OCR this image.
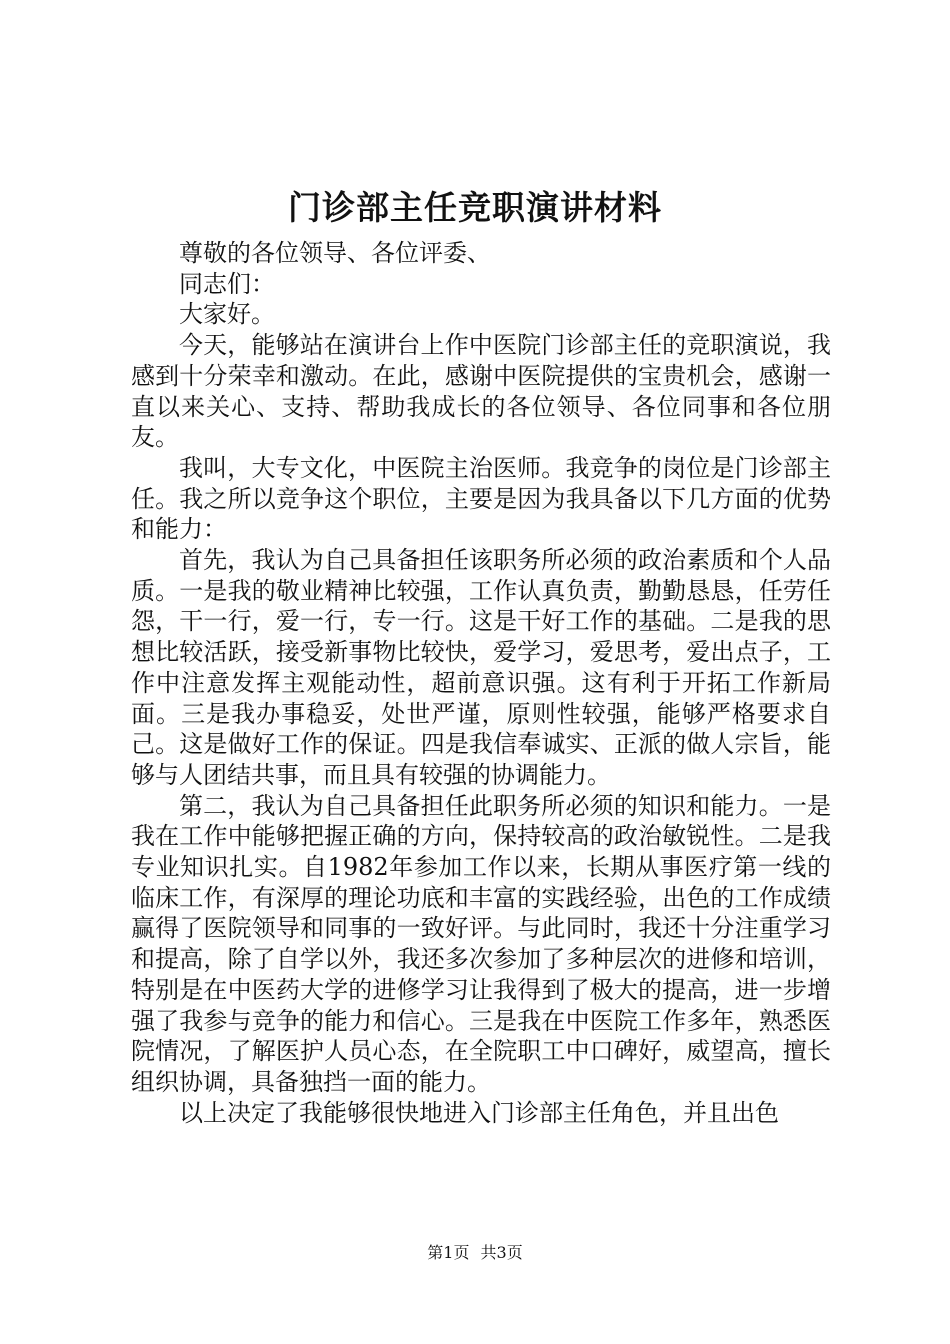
门诊部主任竞职演讲材料

尊敬的各位领导、各位评委、

同志们：

大家好。

今天，能够站在演讲台上作中医院门诊部主任的竞职演说，我感到十分荣幸和激动。在此，感谢中医院提供的宝贵机会，感谢一直以来关心、支持、帮助我成长的各位领导、各位同事和各位朋友。

我叫，大专文化，中医院主治医师。我竞争的岗位是门诊部主任。我之所以竞争这个职位，主要是因为我具备以下几方面的优势和能力：

首先，我认为自己具备担任该职务所必须的政治素质和个人品质。一是我的敬业精神比较强，工作认真负责，勤勤恳恳，任劳任怨，干一行，爱一行，专一行。这是干好工作的基础。二是我的思想比较活跃，接受新事物比较快，爱学习，爱思考，爱出点子，工作中注意发挥主观能动性，超前意识强。这有利于开拓工作新局面。三是我办事稳妥，处世严谨，原则性较强，能够严格要求自己。这是做好工作的保证。四是我信奉诚实、正派的做人宗旨，能够与人团结共事，而且具有较强的协调能力。

第二，我认为自己具备担任此职务所必须的知识和能力。一是我在工作中能够把握正确的方向，保持较高的政治敏锐性。二是我专业知识扎实。自1982年参加工作以来，长期从事医疗第一线的临床工作，有深厚的理论功底和丰富的实践经验，出色的工作成绩赢得了医院领导和同事的一致好评。与此同时，我还十分注重学习和提高，除了自学以外，我还多次参加了多种层次的进修和培训，特别是在中医药大学的进修学习让我得到了极大的提高，进一步增强了我参与竞争的能力和信心。三是我在中医院工作多年，熟悉医院情况，了解医护人员心态，在全院职工中口碑好，威望高，擅长组织协调，具备独挡一面的能力。

以上决定了我能够很快地进入门诊部主任角色，并且出色

第1页 共3页
